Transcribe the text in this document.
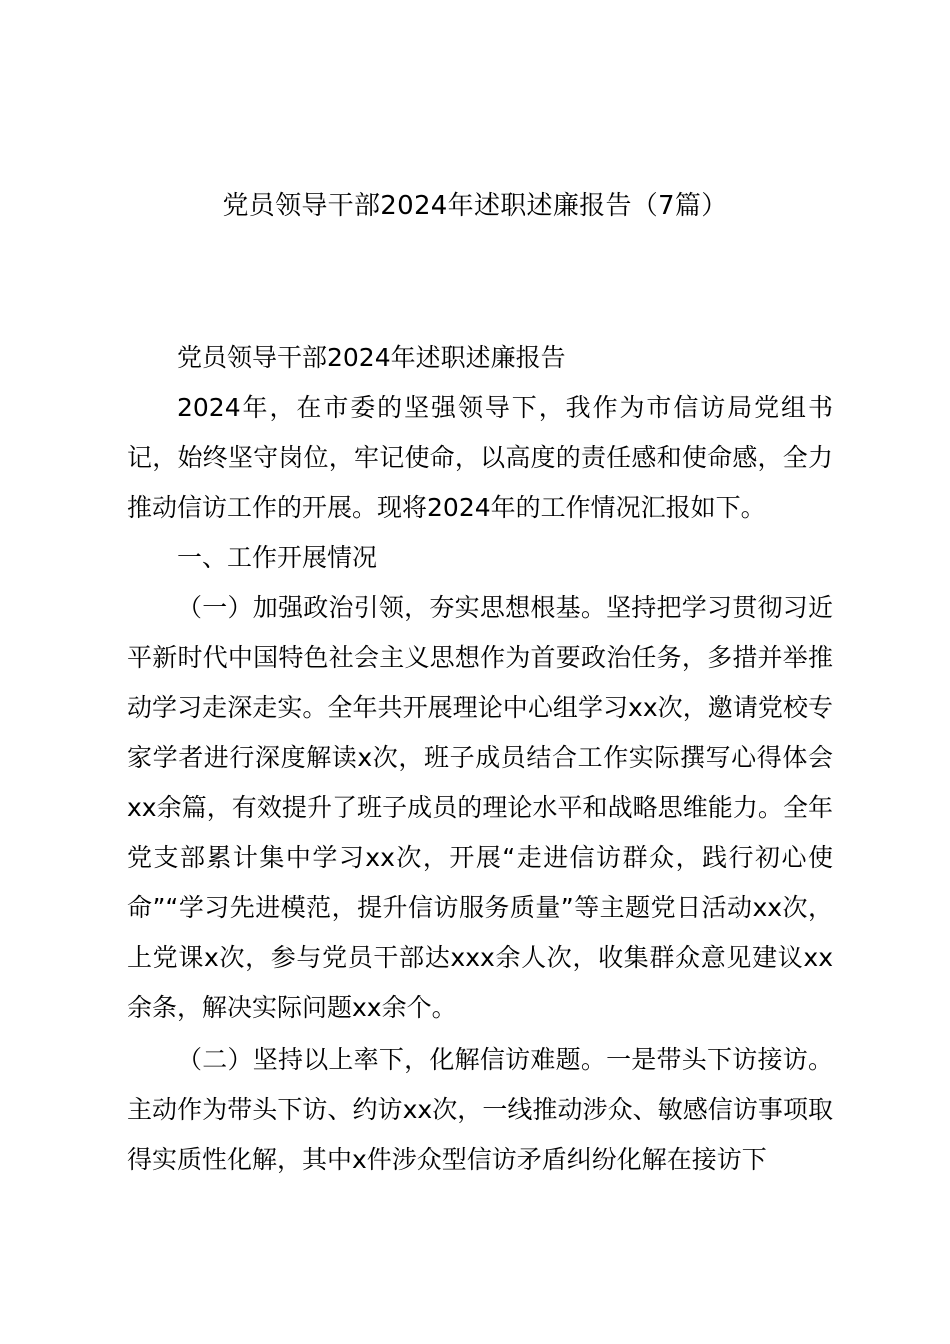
党员领导干部2024年述职述廉报告（7篇）

党员领导干部2024年述职述廉报告

2024年，在市委的坚强领导下，我作为市信访局党组书记，始终坚守岗位，牢记使命，以高度的责任感和使命感，全力推动信访工作的开展。现将2024年的工作情况汇报如下。

一、工作开展情况

（一）加强政治引领，夯实思想根基。坚持把学习贯彻习近平新时代中国特色社会主义思想作为首要政治任务，多措并举推动学习走深走实。全年共开展理论中心组学习xx次，邀请党校专家学者进行深度解读x次，班子成员结合工作实际撰写心得体会xx余篇，有效提升了班子成员的理论水平和战略思维能力。全年党支部累计集中学习xx次，开展“走进信访群众，践行初心使命”“学习先进模范，提升信访服务质量”等主题党日活动xx次，上党课x次，参与党员干部达xxx余人次，收集群众意见建议xx余条，解决实际问题xx余个。

（二）坚持以上率下，化解信访难题。一是带头下访接访。主动作为带头下访、约访xx次，一线推动涉众、敏感信访事项取得实质性化解，其中x件涉众型信访矛盾纠纷化解在接访下
